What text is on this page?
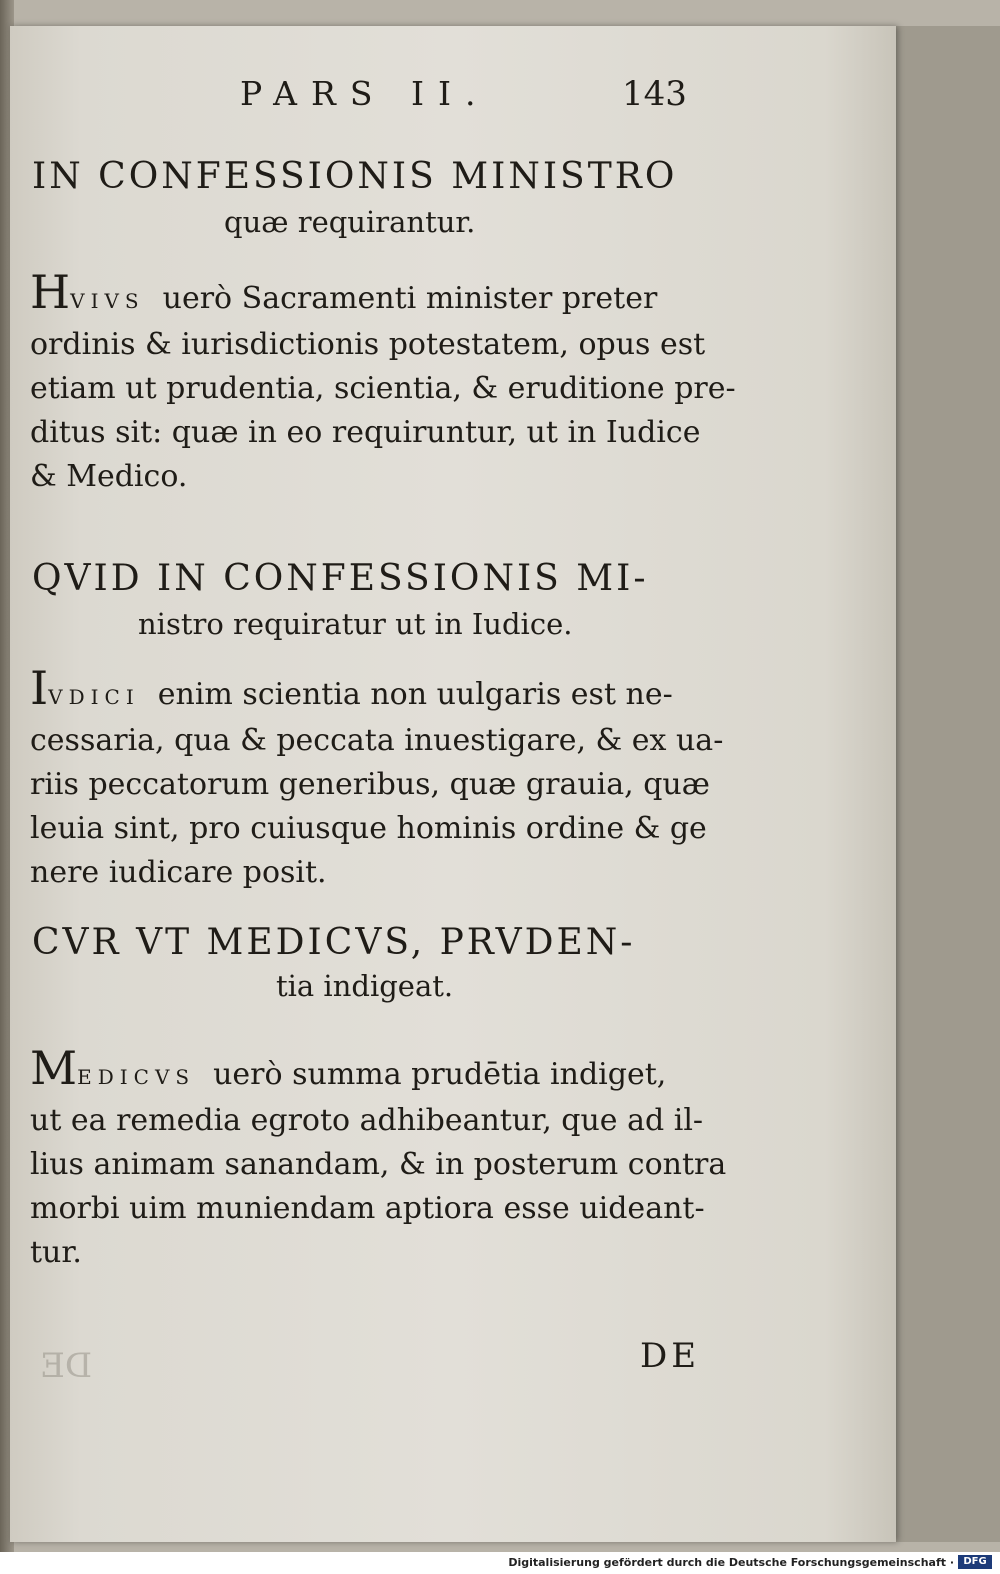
PARS II.	143
IN CONFESSIONIS MINISTRO
quæ requirantur.
HVIVS uerò Sacramenti minister preter
ordinis & iurisdictionis potestatem, opus est
etiam ut prudentia, scientia, & eruditione pre-
ditus sit: quæ in eo requiruntur, ut in Iudice
& Medico.
QVID IN CONFESSIONIS MI-
nistro requiratur ut in Iudice.
IVDICI enim scientia non uulgaris est ne-
cessaria, qua & peccata inuestigare, & ex ua-
riis peccatorum generibus, quæ grauia, quæ
leuia sint, pro cuiusque hominis ordine & ge
nere iudicare posit.
CVR VT MEDICVS, PRVDEN-
tia indigeat.
MEDICVS uerò summa prudētia indiget,
ut ea remedia egroto adhibeantur, que ad il-
lius animam sanandam, & in posterum contra
morbi uim muniendam aptiora esse uideant-
tur.
DE	DE
Digitalisierung gefördert durch die Deutsche Forschungsgemeinschaft · DFG
